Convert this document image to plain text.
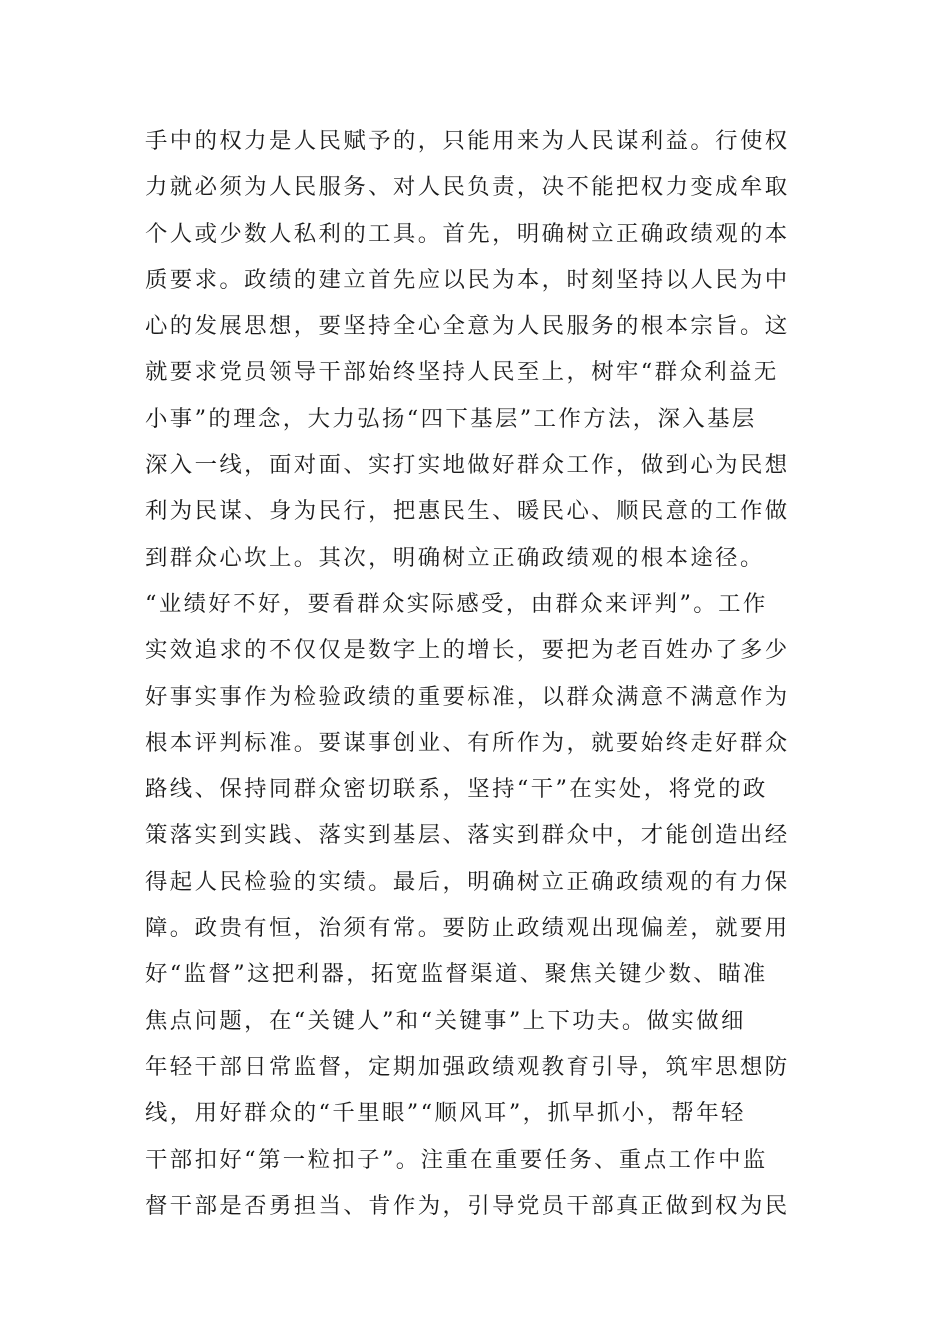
手中的权力是人民赋予的，只能用来为人民谋利益。行使权
力就必须为人民服务、对人民负责，决不能把权力变成牟取
个人或少数人私利的工具。首先，明确树立正确政绩观的本
质要求。政绩的建立首先应以民为本，时刻坚持以人民为中
心的发展思想，要坚持全心全意为人民服务的根本宗旨。这
就要求党员领导干部始终坚持人民至上，树牢“群众利益无
小事”的理念，大力弘扬“四下基层”工作方法，深入基层
深入一线，面对面、实打实地做好群众工作，做到心为民想
利为民谋、身为民行，把惠民生、暖民心、顺民意的工作做
到群众心坎上。其次，明确树立正确政绩观的根本途径。
“业绩好不好，要看群众实际感受，由群众来评判”。工作
实效追求的不仅仅是数字上的增长，要把为老百姓办了多少
好事实事作为检验政绩的重要标准，以群众满意不满意作为
根本评判标准。要谋事创业、有所作为，就要始终走好群众
路线、保持同群众密切联系，坚持“干”在实处，将党的政
策落实到实践、落实到基层、落实到群众中，才能创造出经
得起人民检验的实绩。最后，明确树立正确政绩观的有力保
障。政贵有恒，治须有常。要防止政绩观出现偏差，就要用
好“监督”这把利器，拓宽监督渠道、聚焦关键少数、瞄准
焦点问题，在“关键人”和“关键事”上下功夫。做实做细
年轻干部日常监督，定期加强政绩观教育引导，筑牢思想防
线，用好群众的“千里眼”“顺风耳”，抓早抓小，帮年轻
干部扣好“第一粒扣子”。注重在重要任务、重点工作中监
督干部是否勇担当、肯作为，引导党员干部真正做到权为民
